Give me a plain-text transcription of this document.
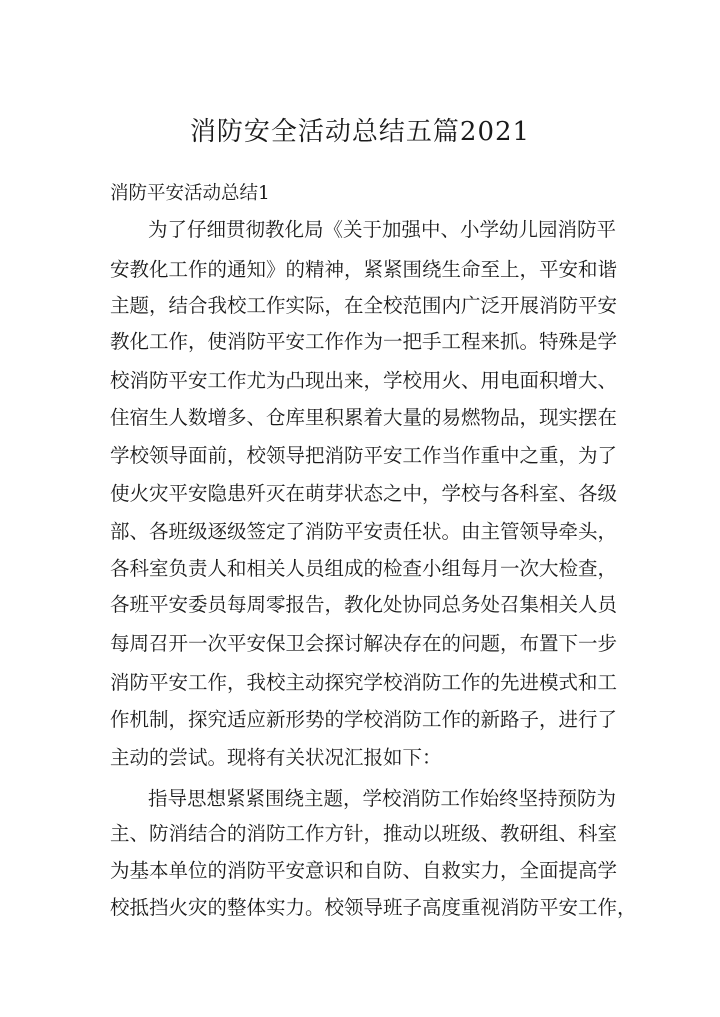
消防安全活动总结五篇2021
消防平安活动总结1

为了仔细贯彻教化局《关于加强中、小学幼儿园消防平

安教化工作的通知》的精神，紧紧围绕生命至上，平安和谐

主题，结合我校工作实际，在全校范围内广泛开展消防平安

教化工作，使消防平安工作作为一把手工程来抓。特殊是学

校消防平安工作尤为凸现出来，学校用火、用电面积增大、

住宿生人数增多、仓库里积累着大量的易燃物品，现实摆在

学校领导面前，校领导把消防平安工作当作重中之重，为了

使火灾平安隐患歼灭在萌芽状态之中，学校与各科室、各级

部、各班级逐级签定了消防平安责任状。由主管领导牵头，

各科室负责人和相关人员组成的检查小组每月一次大检查，

各班平安委员每周零报告，教化处协同总务处召集相关人员

每周召开一次平安保卫会探讨解决存在的问题，布置下一步

消防平安工作，我校主动探究学校消防工作的先进模式和工

作机制，探究适应新形势的学校消防工作的新路子，进行了

主动的尝试。现将有关状况汇报如下：

指导思想紧紧围绕主题，学校消防工作始终坚持预防为

主、防消结合的消防工作方针，推动以班级、教研组、科室

为基本单位的消防平安意识和自防、自救实力，全面提高学

校抵挡火灾的整体实力。校领导班子高度重视消防平安工作，
